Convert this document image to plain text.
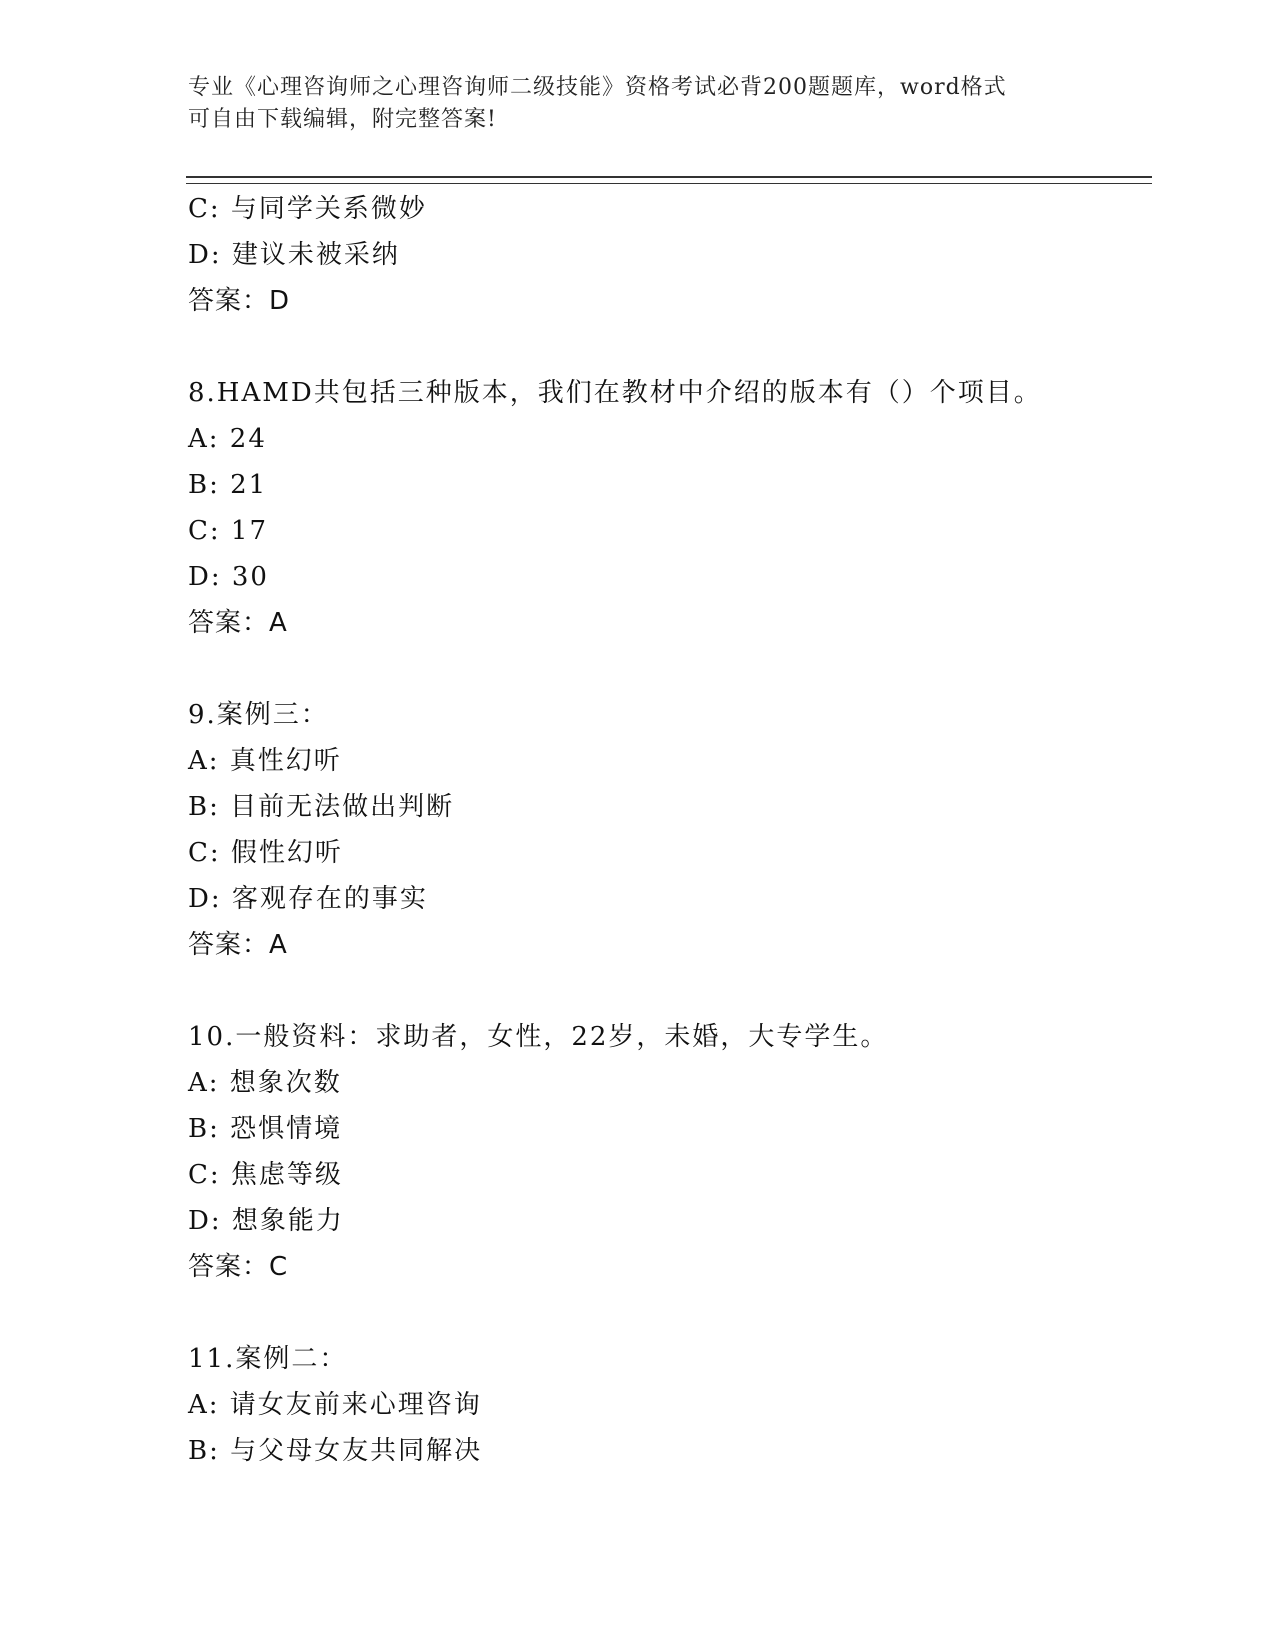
专业《心理咨询师之心理咨询师二级技能》资格考试必背200题题库，word格式
可自由下载编辑，附完整答案!
C: 与同学关系微妙
D: 建议未被采纳
答案：D
8.HAMD共包括三种版本，我们在教材中介绍的版本有（）个项目。
A: 24
B: 21
C: 17
D: 30
答案：A
9.案例三：
A: 真性幻听
B: 目前无法做出判断
C: 假性幻听
D: 客观存在的事实
答案：A
10.一般资料：求助者，女性，22岁，未婚，大专学生。
A: 想象次数
B: 恐惧情境
C: 焦虑等级
D: 想象能力
答案：C
11.案例二：
A: 请女友前来心理咨询
B: 与父母女友共同解决
